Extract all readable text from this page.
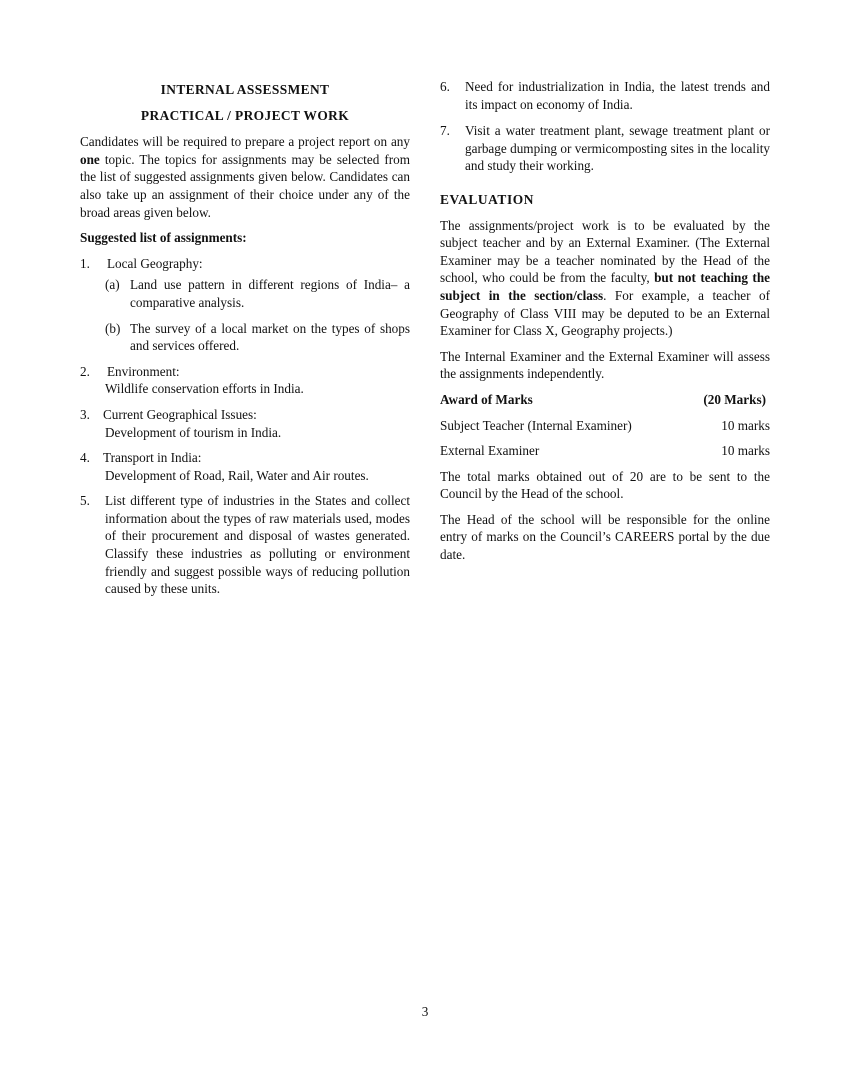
INTERNAL ASSESSMENT
PRACTICAL / PROJECT WORK

Candidates will be required to prepare a project report on any one topic. The topics for assignments may be selected from the list of suggested assignments given below. Candidates can also take up an assignment of their choice under any of the broad areas given below.

Suggested list of assignments:
1.	Local Geography:
(a) Land use pattern in different regions of India– a comparative analysis.
(b) The survey of a local market on the types of shops and services offered.
2.	Environment:
Wildlife conservation efforts in India.
3. Current Geographical Issues:
Development of tourism in India.
4. Transport in India:
Development of Road, Rail, Water and Air routes.
5.	List different type of industries in the States and collect information about the types of raw materials used, modes of their procurement and disposal of wastes generated. Classify these industries as polluting or environment friendly and suggest possible ways of reducing pollution caused by these units.
6.	Need for industrialization in India, the latest trends and its impact on economy of India.
7.	Visit a water treatment plant, sewage treatment plant or garbage dumping or vermicomposting sites in the locality and study their working.
EVALUATION

The assignments/project work is to be evaluated by the subject teacher and by an External Examiner. (The External Examiner may be a teacher nominated by the Head of the school, who could be from the faculty, but not teaching the subject in the section/class. For example, a teacher of Geography of Class VIII may be deputed to be an External Examiner for Class X, Geography projects.)

The Internal Examiner and the External Examiner will assess the assignments independently.

Award of Marks	(20 Marks)
Subject Teacher (Internal Examiner)	10 marks
External Examiner	10 marks

The total marks obtained out of 20 are to be sent to the Council by the Head of the school.

The Head of the school will be responsible for the online entry of marks on the Council’s CAREERS portal by the due date.

3
